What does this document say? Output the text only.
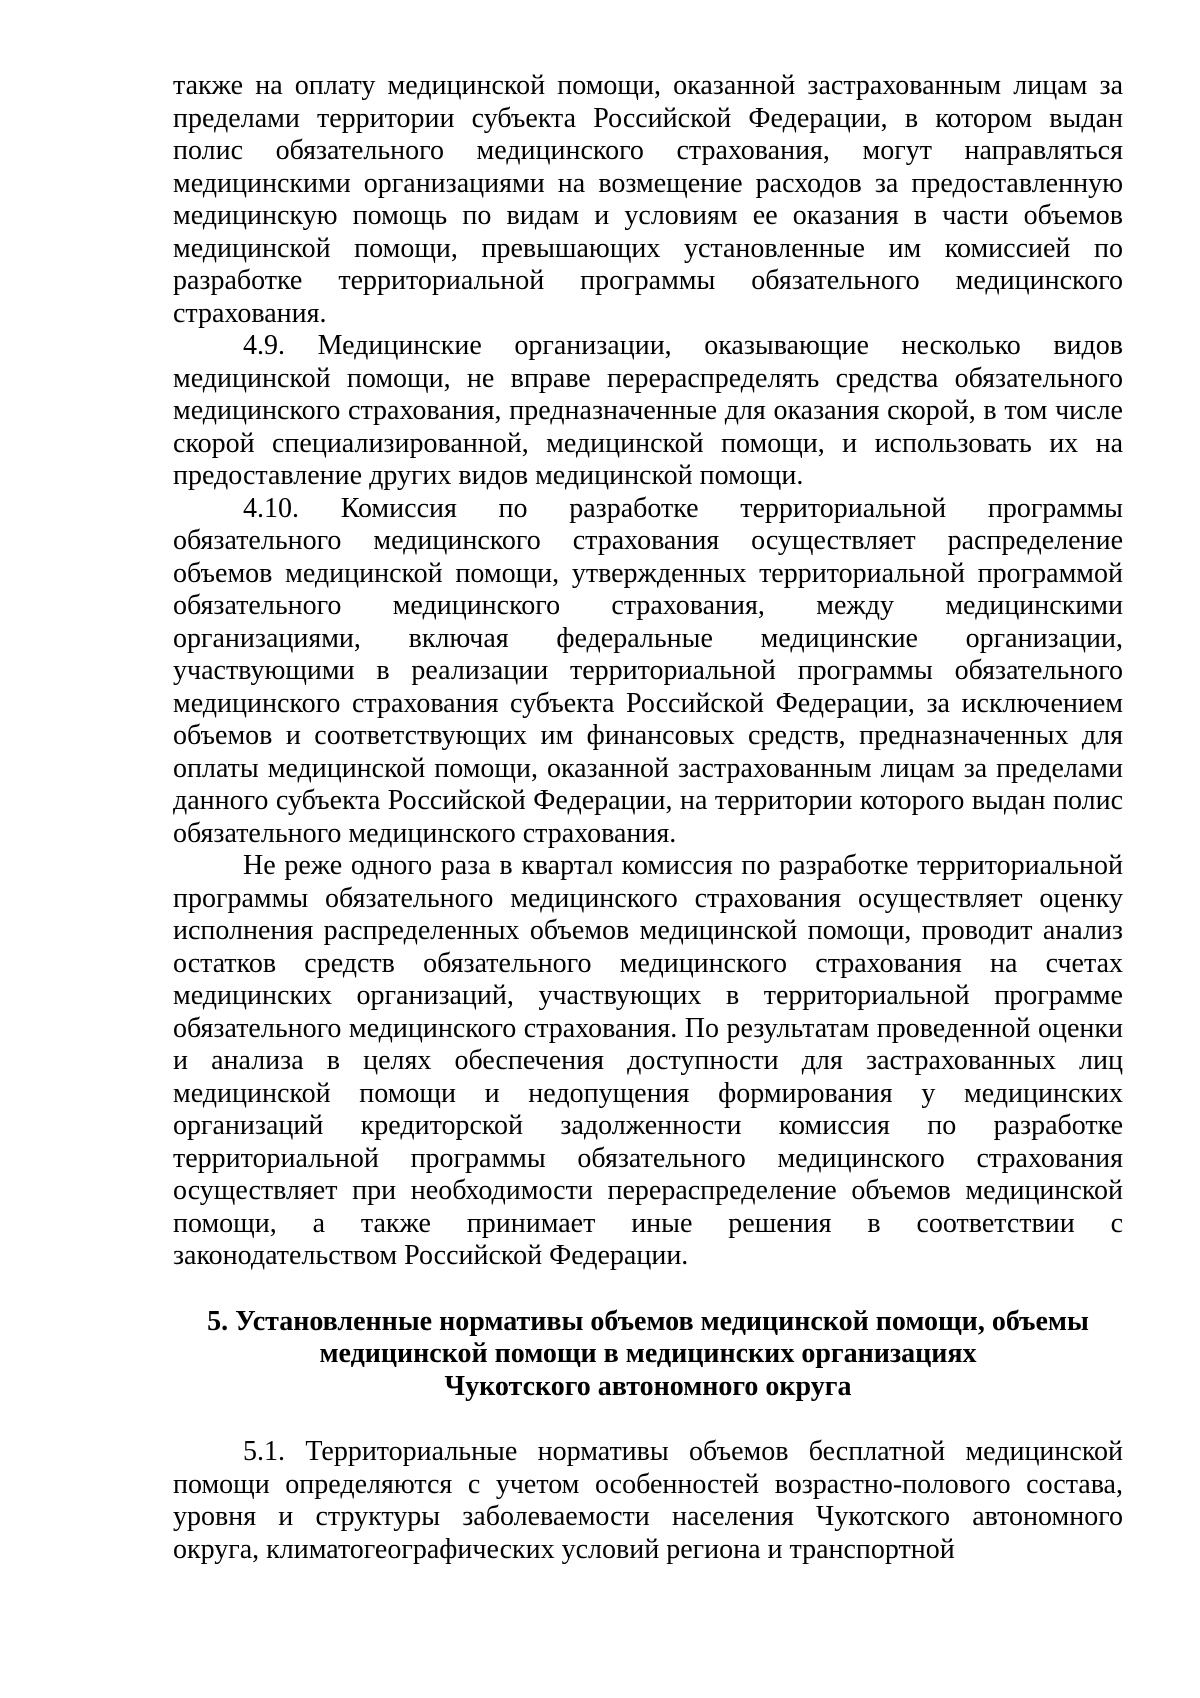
также на оплату медицинской помощи, оказанной застрахованным лицам за пределами территории субъекта Российской Федерации, в котором выдан полис обязательного медицинского страхования, могут направляться медицинскими организациями на возмещение расходов за предоставленную медицинскую помощь по видам и условиям ее оказания в части объемов медицинской помощи, превышающих установленные им комиссией по разработке территориальной программы обязательного медицинского страхования.

4.9. Медицинские организации, оказывающие несколько видов медицинской помощи, не вправе перераспределять средства обязательного медицинского страхования, предназначенные для оказания скорой, в том числе скорой специализированной, медицинской помощи, и использовать их на предоставление других видов медицинской помощи.

4.10. Комиссия по разработке территориальной программы обязательного медицинского страхования осуществляет распределение объемов медицинской помощи, утвержденных территориальной программой обязательного медицинского страхования, между медицинскими организациями, включая федеральные медицинские организации, участвующими в реализации территориальной программы обязательного медицинского страхования субъекта Российской Федерации, за исключением объемов и соответствующих им финансовых средств, предназначенных для оплаты медицинской помощи, оказанной застрахованным лицам за пределами данного субъекта Российской Федерации, на территории которого выдан полис обязательного медицинского страхования.

Не реже одного раза в квартал комиссия по разработке территориальной программы обязательного медицинского страхования осуществляет оценку исполнения распределенных объемов медицинской помощи, проводит анализ остатков средств обязательного медицинского страхования на счетах медицинских организаций, участвующих в территориальной программе обязательного медицинского страхования. По результатам проведенной оценки и анализа в целях обеспечения доступности для застрахованных лиц медицинской помощи и недопущения формирования у медицинских организаций кредиторской задолженности комиссия по разработке территориальной программы обязательного медицинского страхования осуществляет при необходимости перераспределение объемов медицинской помощи, а также принимает иные решения в соответствии с законодательством Российской Федерации.

5. Установленные нормативы объемов медицинской помощи, объемы
медицинской помощи в медицинских организациях
Чукотского автономного округа

5.1. Территориальные нормативы объемов бесплатной медицинской помощи определяются с учетом особенностей возрастно-полового состава, уровня и структуры заболеваемости населения Чукотского автономного округа, климатогеографических условий региона и транспортной
